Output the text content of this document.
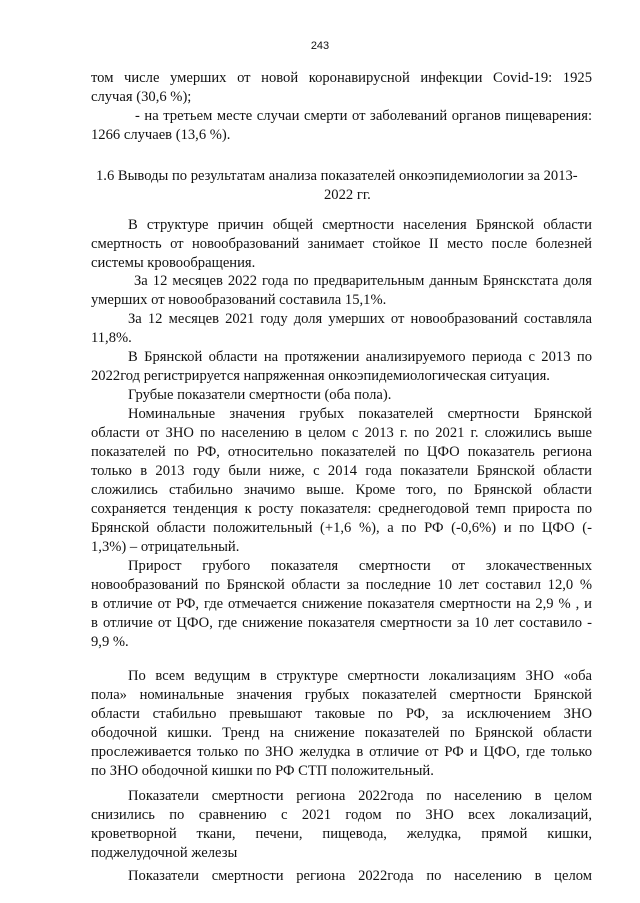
243
том числе умерших от новой коронавирусной инфекции Covid-19: 1925
случая (30,6 %);
- на третьем месте случаи смерти от заболеваний органов пищеварения:
1266 случаев (13,6 %).
1.6 Выводы по результатам анализа показателей онкоэпидемиологии за 2013-
2022 гг.
В структуре причин общей смертности населения Брянской области
смертность от новообразований занимает стойкое II место после болезней
системы кровообращения.
За 12 месяцев 2022 года по предварительным данным Брянскстата доля
умерших от новообразований составила 15,1%.
За 12 месяцев 2021 году доля умерших от новообразований составляла
11,8%.
В Брянской области на протяжении анализируемого периода с 2013 по
2022год регистрируется напряженная онкоэпидемиологическая ситуация.
Грубые показатели смертности (оба пола).
Номинальные значения грубых показателей смертности Брянской
области от ЗНО по населению в целом с 2013 г. по 2021 г. сложились выше
показателей по РФ, относительно показателей по ЦФО показатель региона
только в 2013 году были ниже, с 2014 года показатели Брянской области
сложились стабильно значимо выше. Кроме того, по Брянской области
сохраняется тенденция к росту показателя: среднегодовой темп прироста по
Брянской области положительный (+1,6 %), а по РФ (-0,6%) и по ЦФО (-
1,3%) – отрицательный.
Прирост грубого показателя смертности от злокачественных
новообразований по Брянской области за последние 10 лет составил 12,0 %
в отличие от РФ, где отмечается снижение показателя смертности на 2,9 % , и
в отличие от ЦФО, где снижение показателя смертности за 10 лет составило -
9,9 %.
По всем ведущим в структуре смертности локализациям ЗНО «оба
пола» номинальные значения грубых показателей смертности Брянской
области стабильно превышают таковые по РФ, за исключением ЗНО
ободочной кишки. Тренд на снижение показателей по Брянской области
прослеживается только по ЗНО желудка в отличие от РФ и ЦФО, где только
по ЗНО ободочной кишки по РФ СТП положительный.
Показатели смертности региона 2022года по населению в целом
снизились по сравнению с 2021 годом по ЗНО всех локализаций,
кроветворной ткани, печени, пищевода, желудка, прямой кишки,
поджелудочной железы
Показатели смертности региона 2022года по населению в целом
